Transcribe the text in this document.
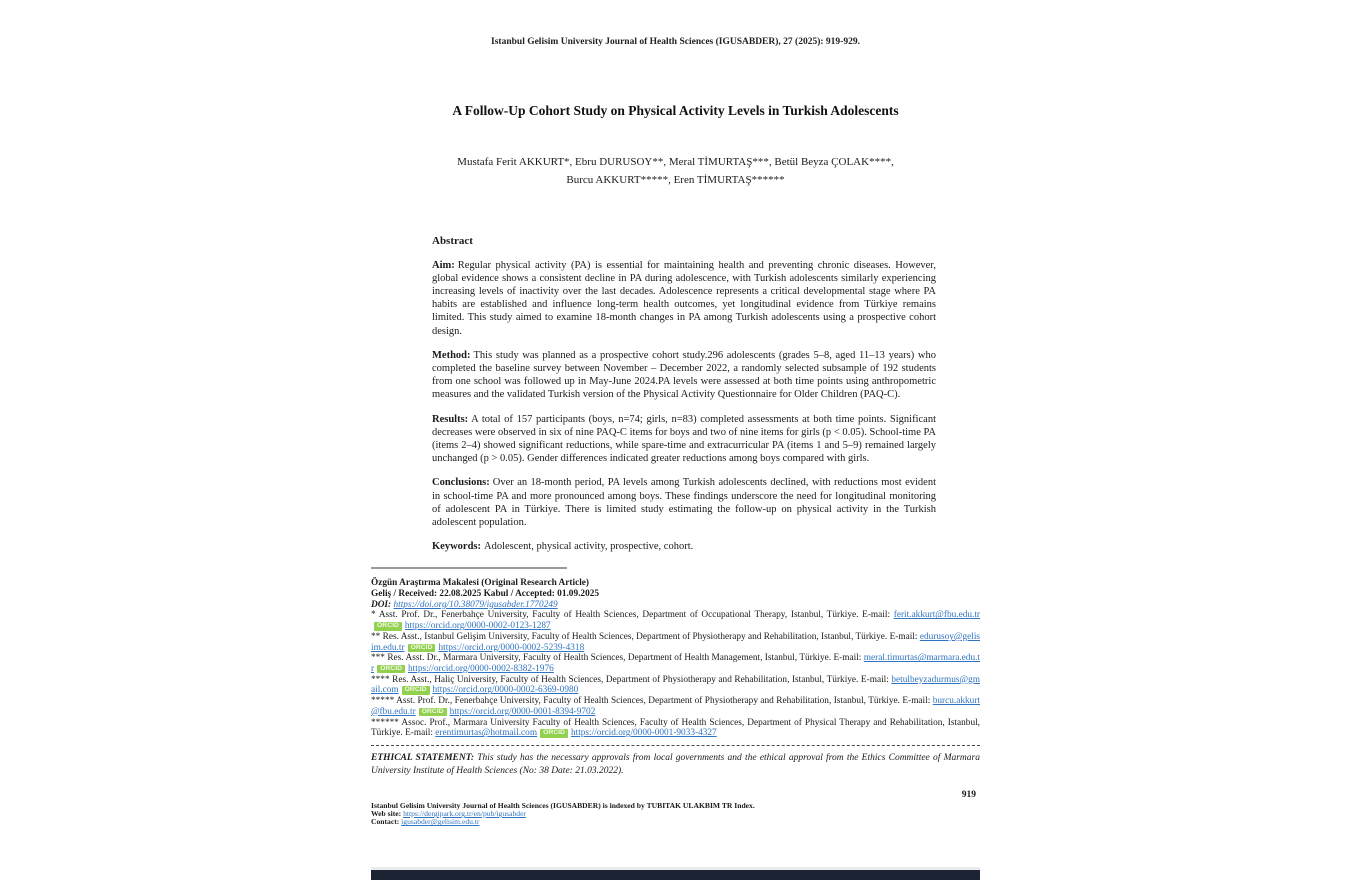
Istanbul Gelisim University Journal of Health Sciences (IGUSABDER), 27 (2025): 919-929.
A Follow-Up Cohort Study on Physical Activity Levels in Turkish Adolescents
Mustafa Ferit AKKURT*, Ebru DURUSOY**, Meral TİMURTAŞ***, Betül Beyza ÇOLAK****,
Burcu AKKURT*****, Eren TİMURTAŞ******
Abstract

Aim: Regular physical activity (PA) is essential for maintaining health and preventing chronic diseases. However, global evidence shows a consistent decline in PA during adolescence, with Turkish adolescents similarly experiencing increasing levels of inactivity over the last decades. Adolescence represents a critical developmental stage where PA habits are established and influence long-term health outcomes, yet longitudinal evidence from Türkiye remains limited. This study aimed to examine 18-month changes in PA among Turkish adolescents using a prospective cohort design.

Method: This study was planned as a prospective cohort study.296 adolescents (grades 5–8, aged 11–13 years) who completed the baseline survey between November – December 2022, a randomly selected subsample of 192 students from one school was followed up in May-June 2024.PA levels were assessed at both time points using anthropometric measures and the validated Turkish version of the Physical Activity Questionnaire for Older Children (PAQ-C).

Results: A total of 157 participants (boys, n=74; girls, n=83) completed assessments at both time points. Significant decreases were observed in six of nine PAQ-C items for boys and two of nine items for girls (p < 0.05). School-time PA (items 2–4) showed significant reductions, while spare-time and extracurricular PA (items 1 and 5–9) remained largely unchanged (p > 0.05). Gender differences indicated greater reductions among boys compared with girls.

Conclusions: Over an 18-month period, PA levels among Turkish adolescents declined, with reductions most evident in school-time PA and more pronounced among boys. These findings underscore the need for longitudinal monitoring of adolescent PA in Türkiye. There is limited study estimating the follow-up on physical activity in the Turkish adolescent population.

Keywords: Adolescent, physical activity, prospective, cohort.

Özgün Araştırma Makalesi (Original Research Article)

Geliş / Received: 22.08.2025 Kabul / Accepted: 01.09.2025

DOI: https://doi.org/10.38079/igusabder.1770249

* Asst. Prof. Dr., Fenerbahçe University, Faculty of Health Sciences, Department of Occupational Therapy, Istanbul, Türkiye. E-mail: ferit.akkurt@fbu.edu.trORCID https://orcid.org/0000-0002-0123-1287

** Res. Asst., Istanbul Gelişim University, Faculty of Health Sciences, Department of Physiotherapy and Rehabilitation, Istanbul, Türkiye. E-mail: edurusoy@gelisim.edu.tr ORCID https://orcid.org/0000-0002-5239-4318

*** Res. Asst. Dr., Marmara University, Faculty of Health Sciences, Department of Health Management, Istanbul, Türkiye. E-mail: meral.timurtas@marmara.edu.tr ORCID https://orcid.org/0000-0002-8382-1976

**** Res. Asst., Haliç University, Faculty of Health Sciences, Department of Physiotherapy and Rehabilitation, Istanbul, Türkiye. E-mail: betulbeyzadurmus@gmail.com ORCID https://orcid.org/0000-0002-6369-0980

***** Asst. Prof. Dr., Fenerbahçe University, Faculty of Health Sciences, Department of Physiotherapy and Rehabilitation, Istanbul, Türkiye. E-mail: burcu.akkurt@fbu.edu.tr ORCID https://orcid.org/0000-0001-8394-9702

****** Assoc. Prof., Marmara University Faculty of Health Sciences, Faculty of Health Sciences, Department of Physical Therapy and Rehabilitation, Istanbul, Türkiye. E-mail: erentimurtas@hotmail.com ORCID https://orcid.org/0000-0001-9033-4327

ETHICAL STATEMENT: This study has the necessary approvals from local governments and the ethical approval from the Ethics Committee of Marmara University Institute of Health Sciences (No: 38 Date: 21.03.2022).

919

Istanbul Gelisim University Journal of Health Sciences (IGUSABDER) is indexed by TUBITAK ULAKBIM TR Index.

Web site: https://dergipark.org.tr/en/pub/igusabder

Contact: igusabder@gelisim.edu.tr
